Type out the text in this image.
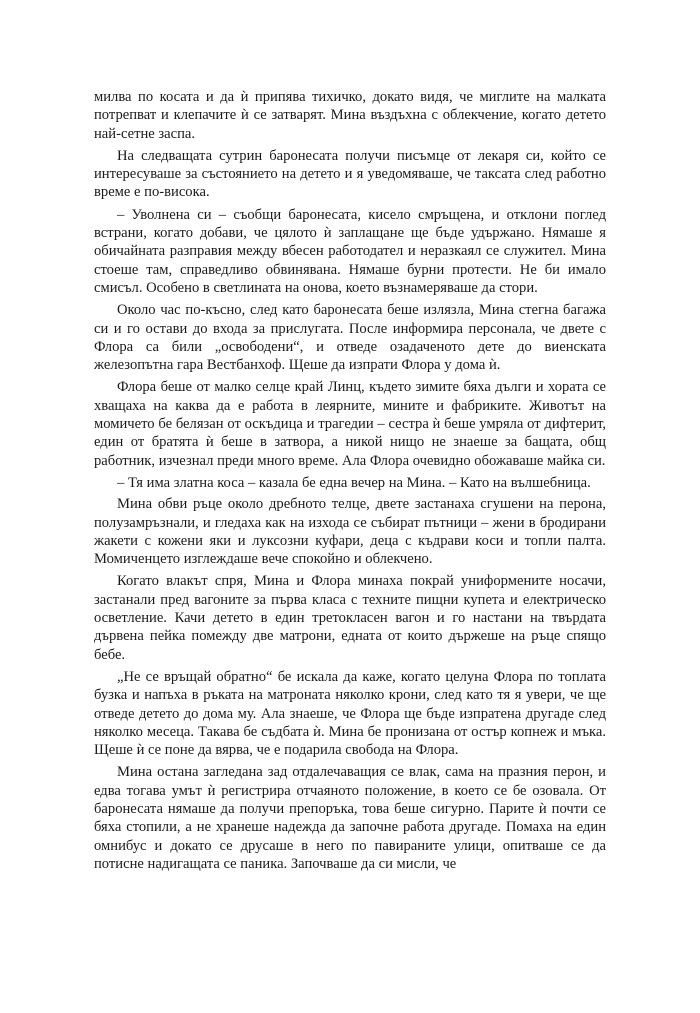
милва по косата и да ѝ припява тихичко, докато видя, че миглите на малката потрепват и клепачите ѝ се затварят. Мина въздъхна с облекчение, когато детето най-сетне заспа.

На следващата сутрин баронесата получи писъмце от лекаря си, който се интересуваше за състоянието на детето и я уведомяваше, че таксата след работно време е по-висока.

– Уволнена си – съобщи баронесата, кисело смръщена, и отклони поглед встрани, когато добави, че цялото ѝ заплащане ще бъде удържано. Нямаше я обичайната разправия между вбесен работодател и неразкаял се служител. Мина стоеше там, справедливо обвинявана. Нямаше бурни протести. Не би имало смисъл. Особено в светлината на онова, което възнамеряваше да стори.

Около час по-късно, след като баронесата беше излязла, Мина стегна багажа си и го остави до входа за прислугата. После информира персонала, че двете с Флора са били „освободени“, и отведе озадаченото дете до виенската железопътна гара Вестбанхоф. Щеше да изпрати Флора у дома ѝ.

Флора беше от малко селце край Линц, където зимите бяха дълги и хората се хващаха на каква да е работа в леярните, мините и фабриките. Животът на момичето бе белязан от оскъдица и трагедии – сестра ѝ беше умряла от дифтерит, един от братята ѝ беше в затвора, а никой нищо не знаеше за бащата, общ работник, изчезнал преди много време. Ала Флора очевидно обожаваше майка си.

– Тя има златна коса – казала бе една вечер на Мина. – Като на вълшебница.

Мина обви ръце около дребното телце, двете застанаха сгушени на перона, полузамръзнали, и гледаха как на изхода се събират пътници – жени в бродирани жакети с кожени яки и луксозни куфари, деца с къдрави коси и топли палта. Момиченцето изглеждаше вече спокойно и облекчено.

Когато влакът спря, Мина и Флора минаха покрай униформените носачи, застанали пред вагоните за първа класа с техните пищни купета и електрическо осветление. Качи детето в един третокласен вагон и го настани на твърдата дървена пейка помежду две матрони, едната от които държеше на ръце спящо бебе.

„Не се връщай обратно“ бе искала да каже, когато целуна Флора по топлата бузка и напъха в ръката на матроната няколко крони, след като тя я увери, че ще отведе детето до дома му. Ала знаеше, че Флора ще бъде изпратена другаде след няколко месеца. Такава бе съдбата ѝ. Мина бе пронизана от остър копнеж и мъка. Щеше ѝ се поне да вярва, че е подарила свобода на Флора.

Мина остана загледана зад отдалечаващия се влак, сама на празния перон, и едва тогава умът ѝ регистрира отчаяното положение, в което се бе озовала. От баронесата нямаше да получи препоръка, това беше сигурно. Парите ѝ почти се бяха стопили, а не хранеше надежда да започне работа другаде. Помаха на един омнибус и докато се друсаше в него по павираните улици, опитваше се да потисне надигащата се паника. Започваше да си мисли, че
